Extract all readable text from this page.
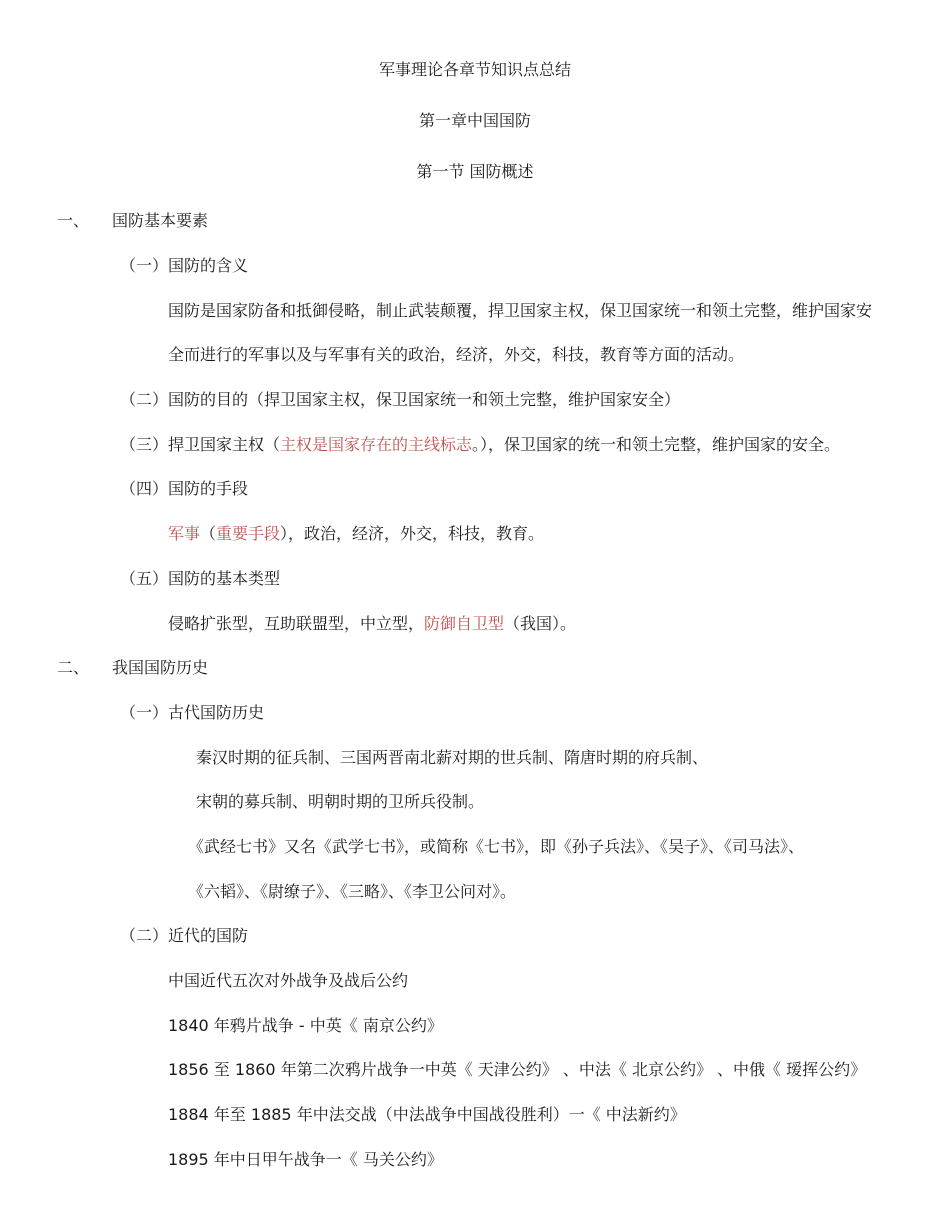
军事理论各章节知识点总结
第一章中国国防
第一节 国防概述
一、 国防基本要素
（一） 国防的含义
国防是国家防备和抵御侵略，制止武装颠覆，捍卫国家主权，保卫国家统一和领土完整，维护国家安
全而进行的军事以及与军事有关的政治，经济，外交，科技，教育等方面的活动。
（二） 国防的目的（捍卫国家主权，保卫国家统一和领土完整，维护国家安全）
（三） 捍卫国家主权（主权是国家存在的主线标志。），保卫国家的统一和领土完整，维护国家的安全。
（四） 国防的手段
军事（重要手段），政治，经济，外交，科技，教育。
（五） 国防的基本类型
侵略扩张型，互助联盟型，中立型，防御自卫型（我国）。
二、 我国国防历史
（一） 古代国防历史
秦汉时期的征兵制、三国两晋南北薪对期的世兵制、隋唐时期的府兵制、
宋朝的募兵制、明朝时期的卫所兵役制。
《武经七书》又名《武学七书》，或简称《七书》，即《孙子兵法》、《吴子》、《司马法》、
《六韬》、《尉缭子》、《三略》、《李卫公问对》。
（二） 近代的国防
中国近代五次对外战争及战后公约
1840 年鸦片战争 - 中英《 南京公约》
1856 至 1860 年第二次鸦片战争一中英《 天津公约》 、中法《 北京公约》 、中俄《 瑷挥公约》
1884 年至 1885 年中法交战（中法战争中国战役胜利）一《 中法新约》
1895 年中日甲午战争一《 马关公约》
